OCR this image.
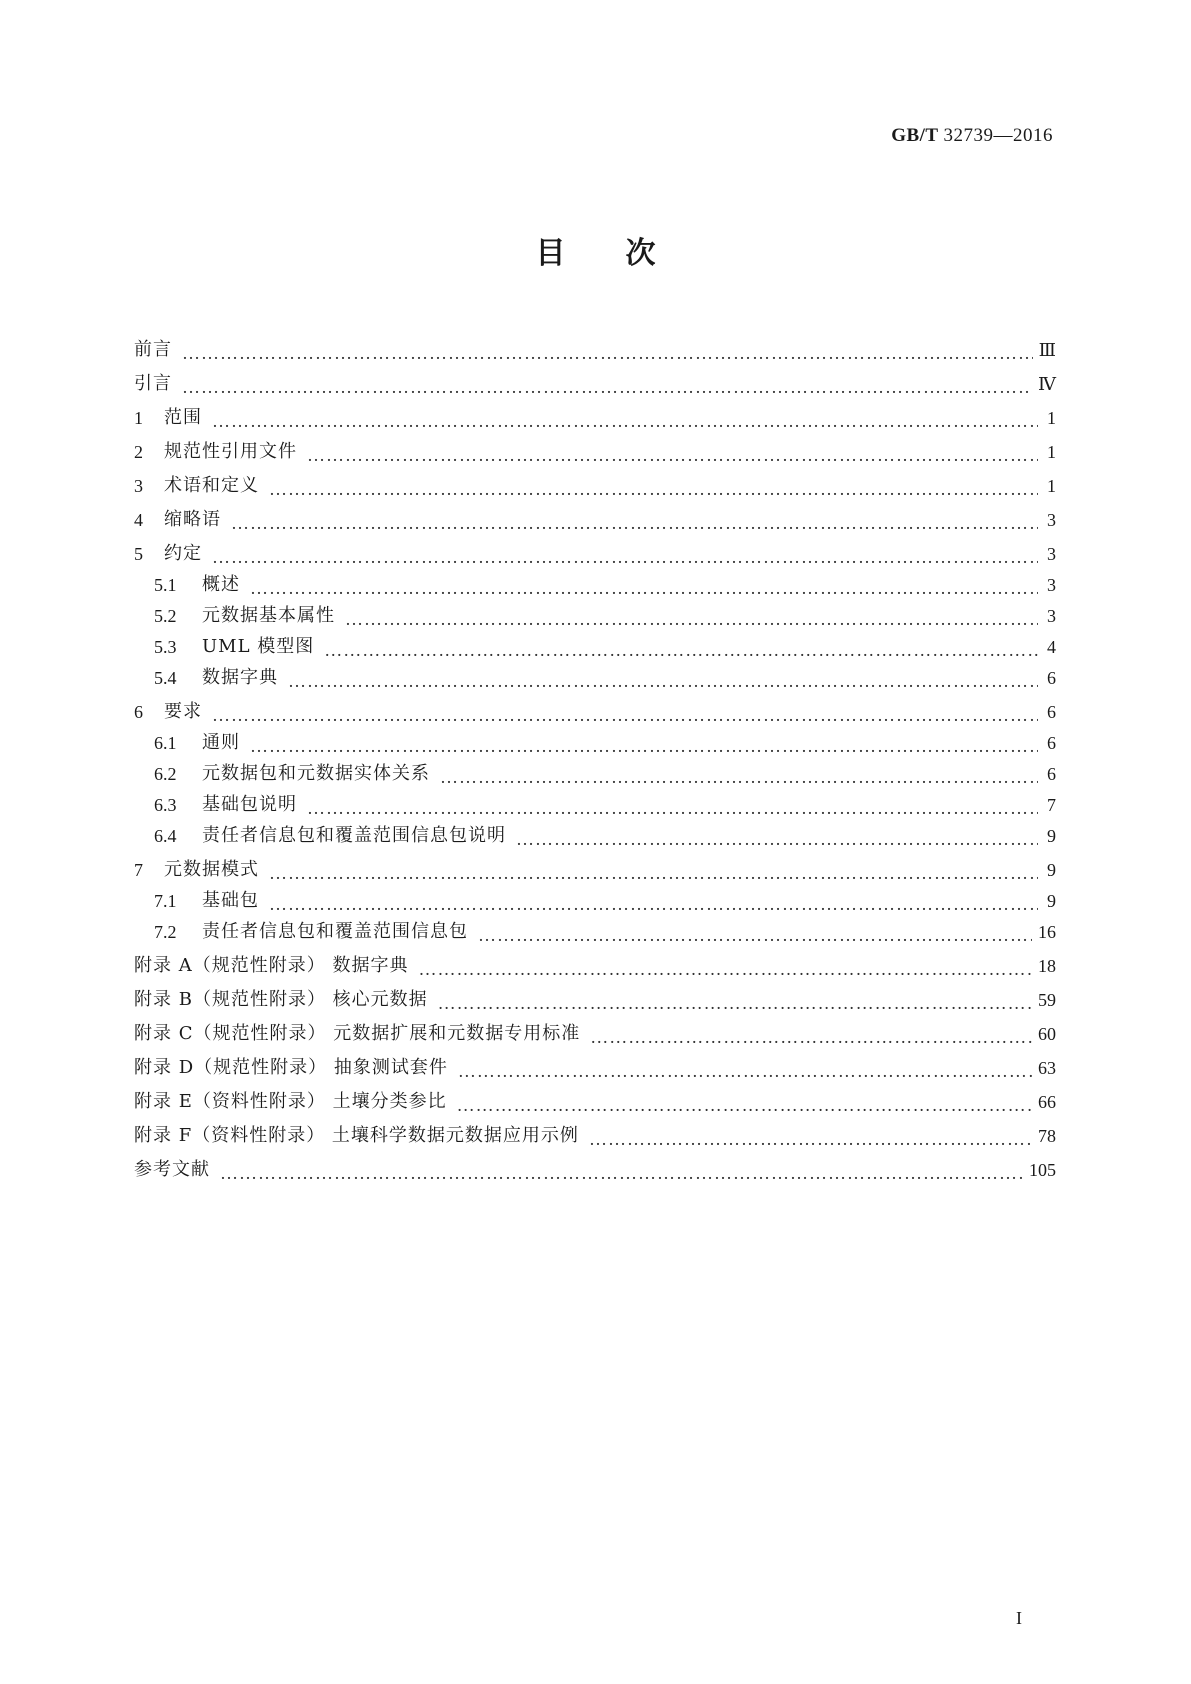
GB/T 32739—2016
目次
前言 ……………………………………………………………………………………………………………………………………………………………………………………………………………………………………………………………………………	Ⅲ
引言 ……………………………………………………………………………………………………………………………………………………………………………………………………………………………………………………………………………	Ⅳ
1	范围 ……………………………………………………………………………………………………………………………………………………………………………………………………………………………………………………………………………	1
2	规范性引用文件 ……………………………………………………………………………………………………………………………………………………………………………………………………………………………………………………………………………	1
3	术语和定义 ……………………………………………………………………………………………………………………………………………………………………………………………………………………………………………………………………………	1
4	缩略语 ……………………………………………………………………………………………………………………………………………………………………………………………………………………………………………………………………………	3
5	约定 ……………………………………………………………………………………………………………………………………………………………………………………………………………………………………………………………………………	3
5.1	概述 ……………………………………………………………………………………………………………………………………………………………………………………………………………………………………………………………………………	3
5.2	元数据基本属性 ……………………………………………………………………………………………………………………………………………………………………………………………………………………………………………………………………………	3
5.3	UML 模型图 ……………………………………………………………………………………………………………………………………………………………………………………………………………………………………………………………………………	4
5.4	数据字典 ……………………………………………………………………………………………………………………………………………………………………………………………………………………………………………………………………………	6
6	要求 ……………………………………………………………………………………………………………………………………………………………………………………………………………………………………………………………………………	6
6.1	通则 ……………………………………………………………………………………………………………………………………………………………………………………………………………………………………………………………………………	6
6.2	元数据包和元数据实体关系 ……………………………………………………………………………………………………………………………………………………………………………………………………………………………………………………………………………	6
6.3	基础包说明 ……………………………………………………………………………………………………………………………………………………………………………………………………………………………………………………………………………	7
6.4	责任者信息包和覆盖范围信息包说明 ……………………………………………………………………………………………………………………………………………………………………………………………………………………………………………………………………………	9
7	元数据模式 ……………………………………………………………………………………………………………………………………………………………………………………………………………………………………………………………………………	9
7.1	基础包 ……………………………………………………………………………………………………………………………………………………………………………………………………………………………………………………………………………	9
7.2	责任者信息包和覆盖范围信息包 ……………………………………………………………………………………………………………………………………………………………………………………………………………………………………………………………………………	16
附录 A（规范性附录） 数据字典 ……………………………………………………………………………………………………………………………………………………………………………………………………………………………………………………………………………	18
附录 B（规范性附录） 核心元数据 ……………………………………………………………………………………………………………………………………………………………………………………………………………………………………………………………………………	59
附录 C（规范性附录） 元数据扩展和元数据专用标准 ……………………………………………………………………………………………………………………………………………………………………………………………………………………………………………………………………………	60
附录 D（规范性附录） 抽象测试套件 ……………………………………………………………………………………………………………………………………………………………………………………………………………………………………………………………………………	63
附录 E（资料性附录） 土壤分类参比 ……………………………………………………………………………………………………………………………………………………………………………………………………………………………………………………………………………	66
附录 F（资料性附录） 土壤科学数据元数据应用示例 ……………………………………………………………………………………………………………………………………………………………………………………………………………………………………………………………………………	78
参考文献 ……………………………………………………………………………………………………………………………………………………………………………………………………………………………………………………………………………	105
I
